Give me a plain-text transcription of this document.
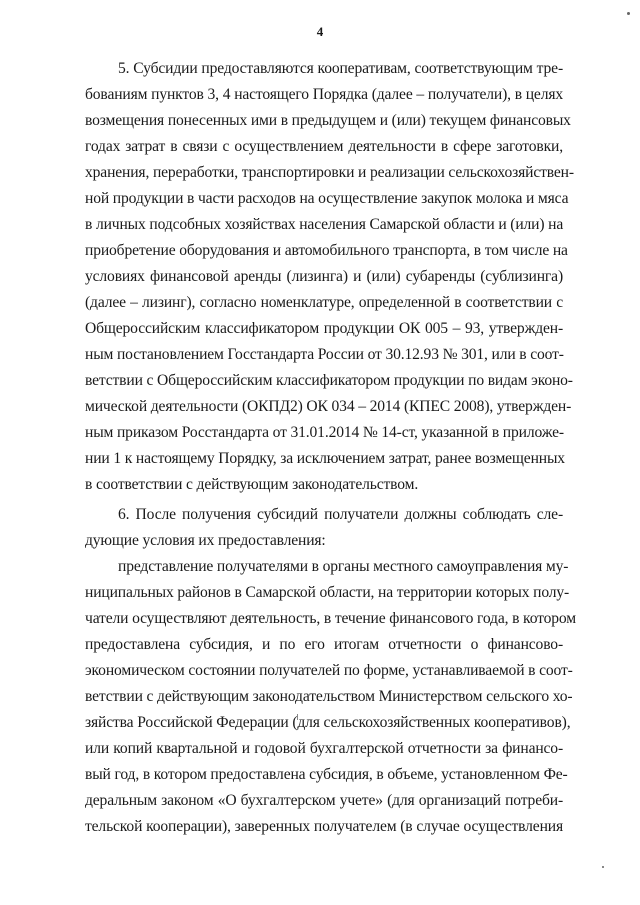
4
5. Субсидии предоставляются кооперативам, соответствующим тре-
бованиям пунктов 3, 4 настоящего Порядка (далее – получатели), в целях
возмещения понесенных ими в предыдущем и (или) текущем финансовых
годах затрат в связи с осуществлением деятельности в сфере заготовки,
хранения, переработки, транспортировки и реализации сельскохозяйствен-
ной продукции в части расходов на осуществление закупок молока и мяса
в личных подсобных хозяйствах населения Самарской области и (или) на
приобретение оборудования и автомобильного транспорта, в том числе на
условиях финансовой аренды (лизинга) и (или) субаренды (сублизинга)
(далее – лизинг), согласно номенклатуре, определенной в соответствии с
Общероссийским классификатором продукции ОК 005 – 93, утвержден-
ным постановлением Госстандарта России от 30.12.93 № 301, или в соот-
ветствии с Общероссийским классификатором продукции по видам эконо-
мической деятельности (ОКПД2) ОК 034 – 2014 (КПЕС 2008), утвержден-
ным приказом Росстандарта от 31.01.2014 № 14-ст, указанной в приложе-
нии 1 к настоящему Порядку, за исключением затрат, ранее возмещенных
в соответствии с действующим законодательством.
6. После получения субсидий получатели должны соблюдать сле-
дующие условия их предоставления:
представление получателями в органы местного самоуправления му-
ниципальных районов в Самарской области, на территории которых полу-
чатели осуществляют деятельность, в течение финансового года, в котором
предоставлена субсидия, и по его итогам отчетности о финансово-
экономическом состоянии получателей по форме, устанавливаемой в соот-
ветствии с действующим законодательством Министерством сельского хо-
зяйства Российской Федерации (для сельскохозяйственных кооперативов),
или копий квартальной и годовой бухгалтерской отчетности за финансо-
вый год, в котором предоставлена субсидия, в объеме, установленном Фе-
деральным законом «О бухгалтерском учете» (для организаций потреби-
тельской кооперации), заверенных получателем (в случае осуществления
